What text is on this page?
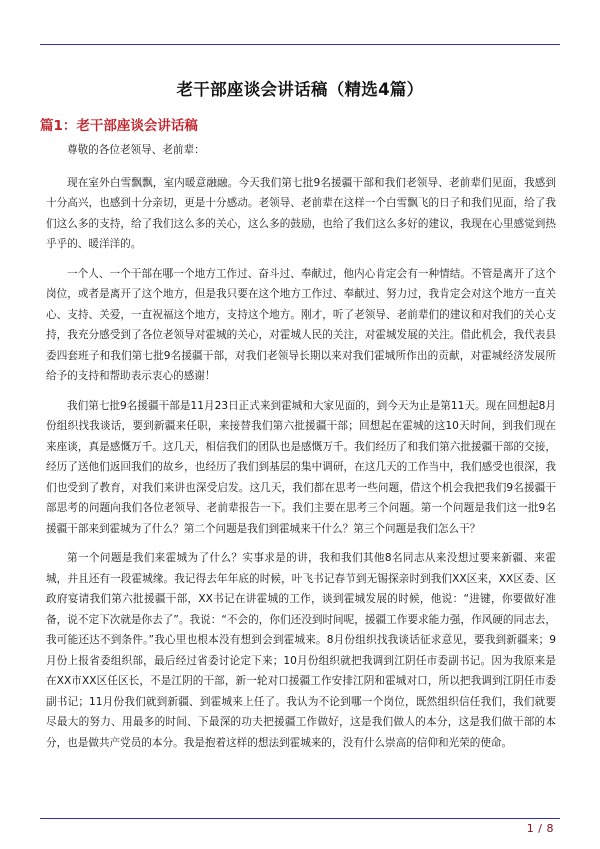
老干部座谈会讲话稿（精选4篇）
篇1：老干部座谈会讲话稿

尊敬的各位老领导、老前辈：

现在室外白雪飘飘，室内暖意融融。今天我们第七批9名援疆干部和我们老领导、老前辈们见面，我感到十分高兴，也感到十分亲切，更是十分感动。老领导、老前辈在这样一个白雪飘飞的日子和我们见面，给了我们这么多的支持，给了我们这么多的关心，这么多的鼓励，也给了我们这么多好的建议，我现在心里感觉到热乎乎的、暖洋洋的。

一个人、一个干部在哪一个地方工作过、奋斗过、奉献过，他内心肯定会有一种情结。不管是离开了这个岗位，或者是离开了这个地方，但是我只要在这个地方工作过、奉献过、努力过，我肯定会对这个地方一直关心、支持、关爱，一直祝福这个地方，支持这个地方。刚才，听了老领导、老前辈们的建议和对我们的关心支持，我充分感受到了各位老领导对霍城的关心，对霍城人民的关注，对霍城发展的关注。借此机会，我代表县委四套班子和我们第七批9名援疆干部，对我们老领导长期以来对我们霍城所作出的贡献，对霍城经济发展所给予的支持和帮助表示衷心的感谢！

我们第七批9名援疆干部是11月23日正式来到霍城和大家见面的，到今天为止是第11天。现在回想起8月份组织找我谈话，要到新疆来任职，来接替我们第六批援疆干部；回想起在霍城的这10天时间，到我们现在来座谈，真是感慨万千。这几天，相信我们的团队也是感慨万千。我们经历了和我们第六批援疆干部的交接，经历了送他们返回我们的故乡，也经历了我们到基层的集中调研，在这几天的工作当中，我们感受也很深，我们也受到了教育，对我们来讲也深受启发。这几天，我们都在思考一些问题，借这个机会我把我们9名援疆干部思考的问题向我们各位老领导、老前辈报告一下。我们主要在思考三个问题。第一个问题是我们这一批9名援疆干部来到霍城为了什么？第二个问题是我们到霍城来干什么？第三个问题是我们怎么干？

第一个问题是我们来霍城为了什么？实事求是的讲，我和我们其他8名同志从来没想过要来新疆、来霍城，并且还有一段霍城缘。我记得去年年底的时候，叶飞书记春节到无锡探亲时到我们XX区来，XX区委、区政府宴请我们第六批援疆干部，XX书记在讲霍城的工作，谈到霍城发展的时候，他说：“进键，你要做好准备，说不定下次就是你去了”。我说：“不会的，你们还没到时间呢，援疆工作要求能力强，作风硬的同志去，我可能还达不到条件。”我心里也根本没有想到会到霍城来。8月份组织找我谈话征求意见，要我到新疆来；9月份上报省委组织部，最后经过省委讨论定下来；10月份组织就把我调到江阴任市委副书记。因为我原来是在XX市XX区任区长，不是江阴的干部，新一轮对口援疆工作安排江阴和霍城对口，所以把我调到江阴任市委副书记；11月份我们就到新疆、到霍城来上任了。我认为不论到哪一个岗位，既然组织信任我们，我们就要尽最大的努力、用最多的时间、下最深的功夫把援疆工作做好，这是我们做人的本分，这是我们做干部的本分，也是做共产党员的本分。我是抱着这样的想法到霍城来的，没有什么崇高的信仰和光荣的使命。

1 / 8
